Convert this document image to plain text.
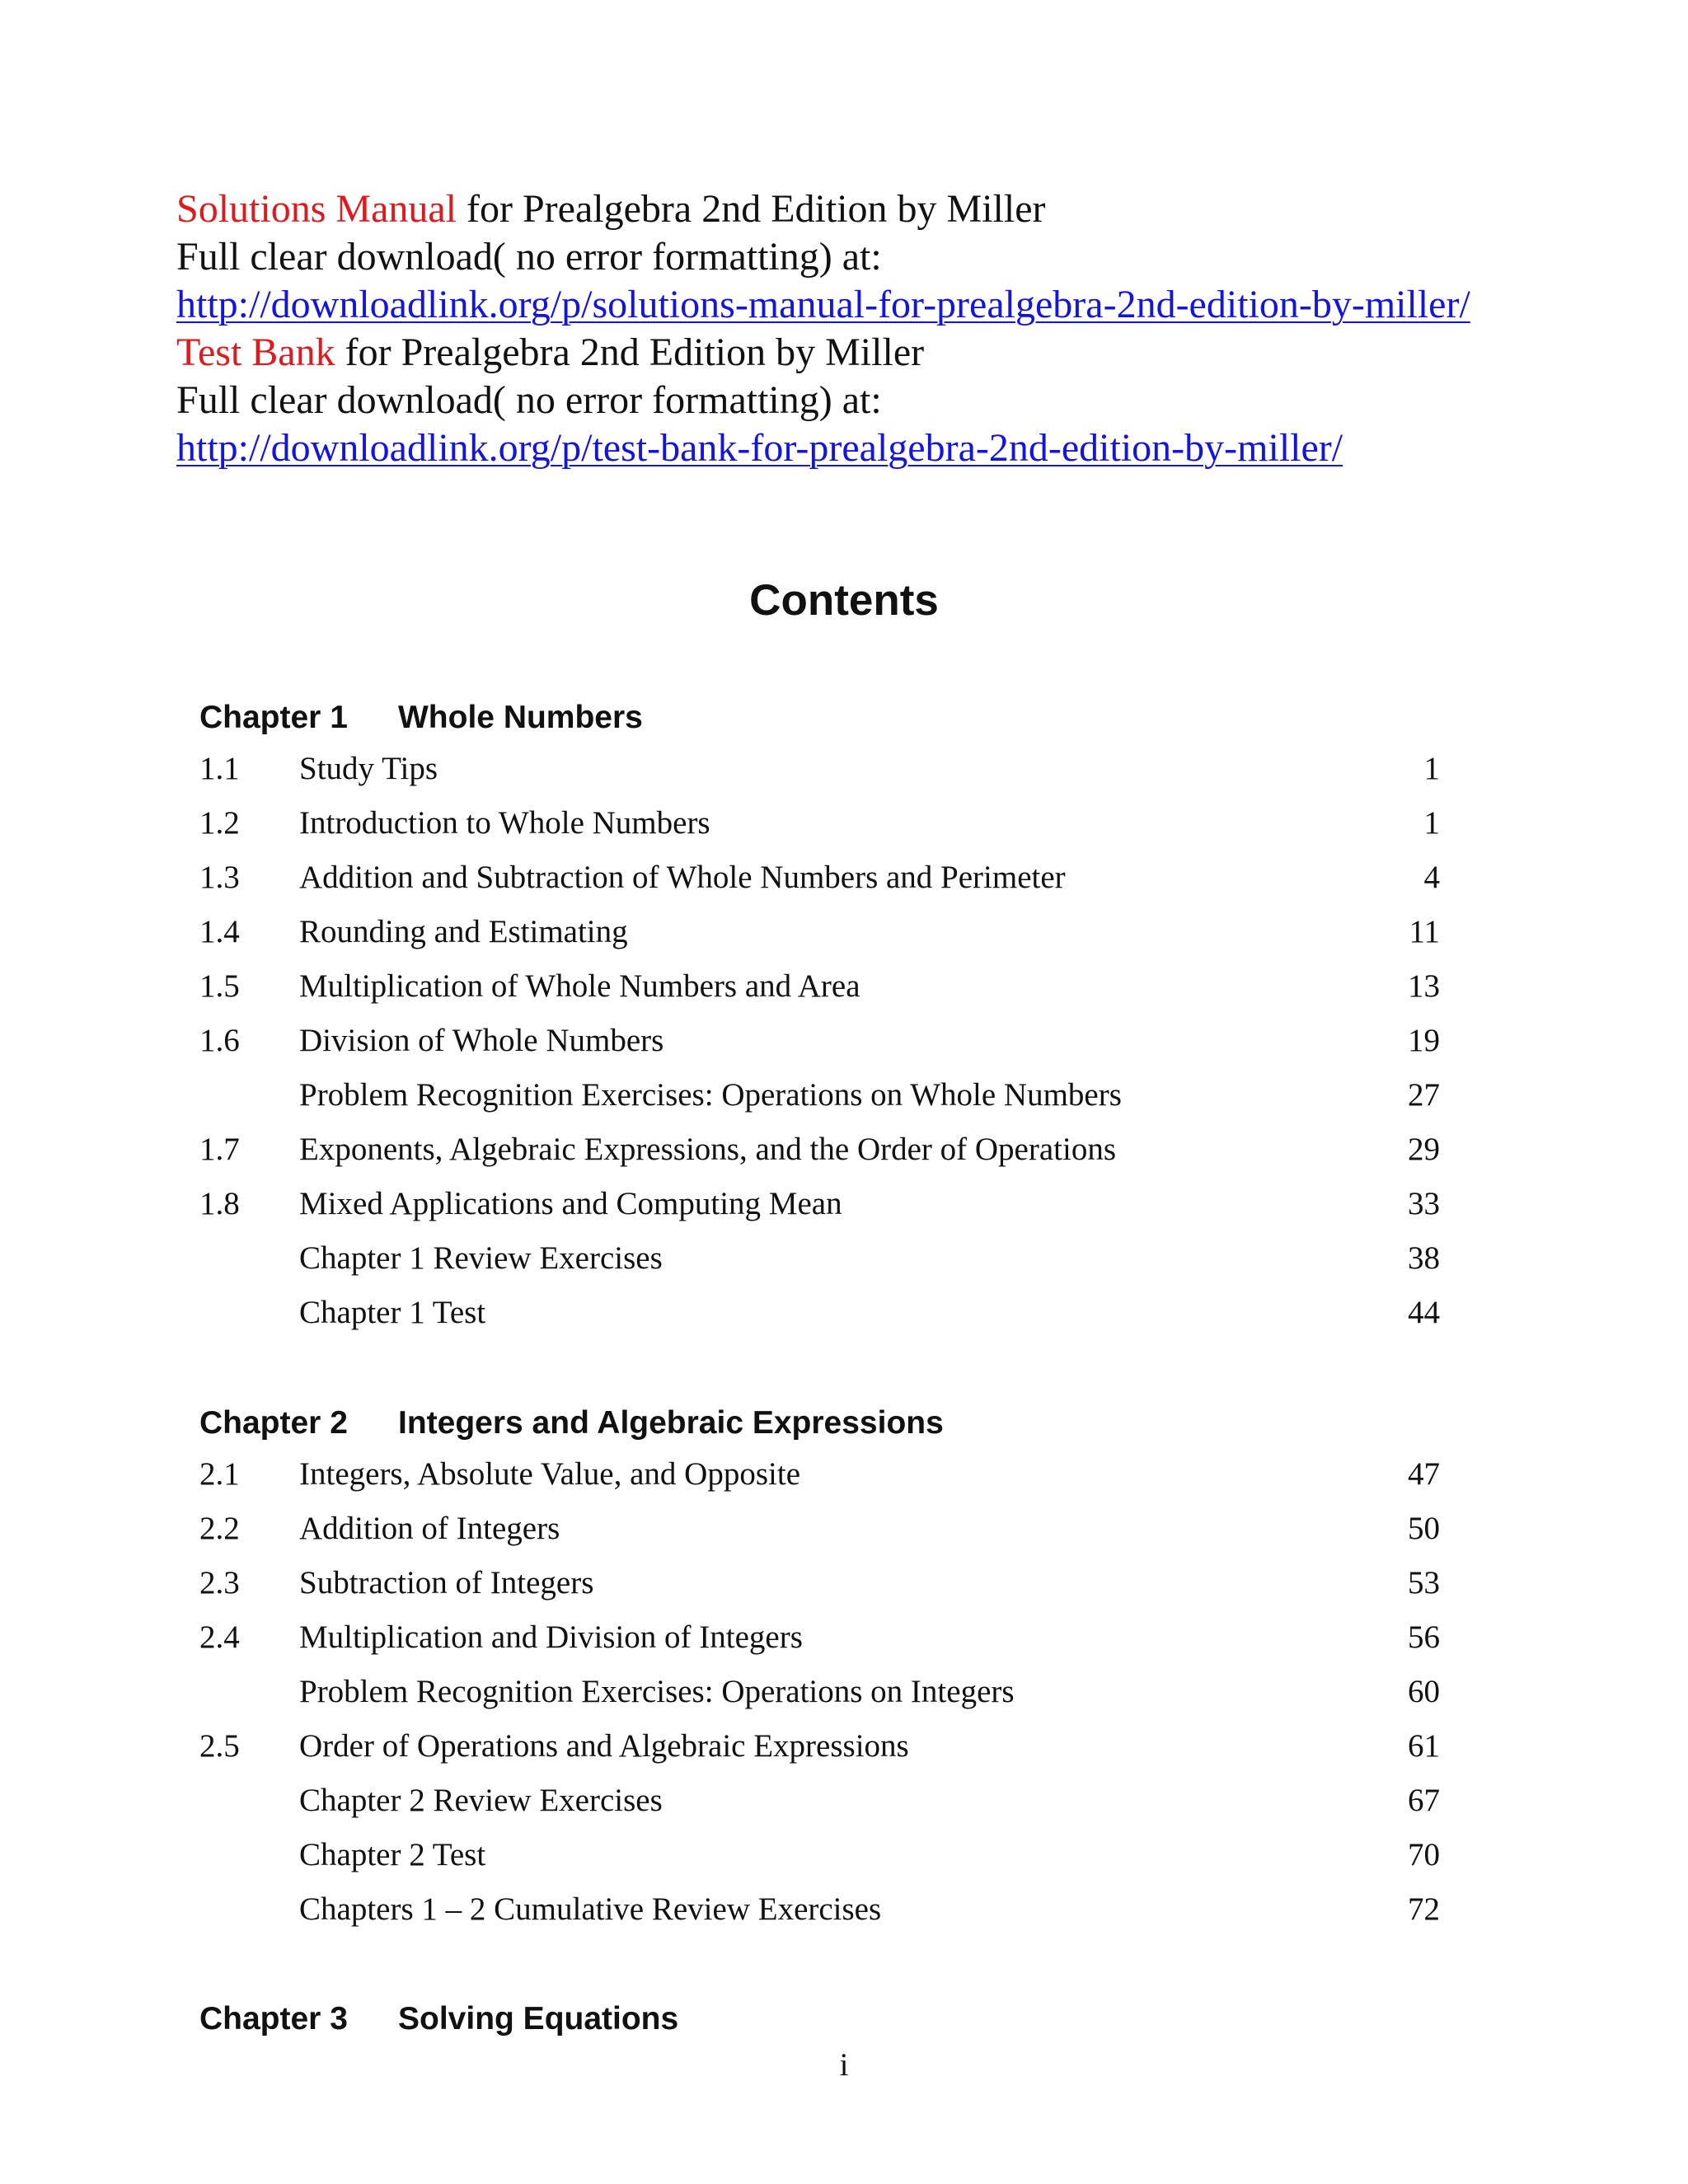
Solutions Manual for Prealgebra 2nd Edition by Miller
Full clear download( no error formatting) at:
http://downloadlink.org/p/solutions-manual-for-prealgebra-2nd-edition-by-miller/
Test Bank for Prealgebra 2nd Edition by Miller
Full clear download( no error formatting) at:
http://downloadlink.org/p/test-bank-for-prealgebra-2nd-edition-by-miller/
Contents
Chapter 1 Whole Numbers
1.1 Study Tips	1
1.2 Introduction to Whole Numbers	1
1.3 Addition and Subtraction of Whole Numbers and Perimeter	4
1.4 Rounding and Estimating	11
1.5 Multiplication of Whole Numbers and Area	13
1.6 Division of Whole Numbers	19
Problem Recognition Exercises: Operations on Whole Numbers	27
1.7 Exponents, Algebraic Expressions, and the Order of Operations	29
1.8 Mixed Applications and Computing Mean	33
Chapter 1 Review Exercises	38
Chapter 1 Test	44
Chapter 2 Integers and Algebraic Expressions
2.1 Integers, Absolute Value, and Opposite	47
2.2 Addition of Integers	50
2.3 Subtraction of Integers	53
2.4 Multiplication and Division of Integers	56
Problem Recognition Exercises: Operations on Integers	60
2.5 Order of Operations and Algebraic Expressions	61
Chapter 2 Review Exercises	67
Chapter 2 Test	70
Chapters 1 – 2 Cumulative Review Exercises	72
Chapter 3 Solving Equations
i
